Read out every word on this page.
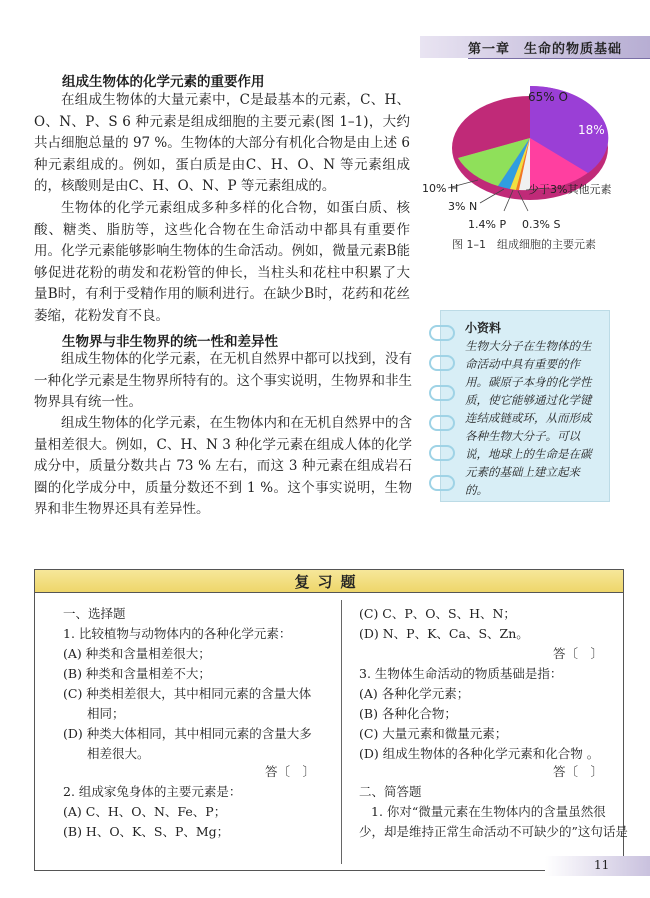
第一章　生命的物质基础
组成生物体的化学元素的重要作用
在组成生物体的大量元素中，C是最基本的元素，C、H、O、N、P、S 6 种元素是组成细胞的主要元素(图 1–1)，大约共占细胞总量的 97 %。生物体的大部分有机化合物是由上述 6 种元素组成的。例如，蛋白质是由C、H、O、N 等元素组成的，核酸则是由C、H、O、N、P 等元素组成的。
生物体的化学元素组成多种多样的化合物，如蛋白质、核酸、糖类、脂肪等，这些化合物在生命活动中都具有重要作用。 化学元素能够影响生物体的生命活动。例如，微量元素B能够促进花粉的萌发和花粉管的伸长，当柱头和花柱中积累了大量B时，有利于受精作用的顺利进行。在缺少B时，花药和花丝萎缩，花粉发育不良。
65% O
18% C
10% H
3% N
1.4% P 0.3% S
少于3%其他元素
图 1–1　组成细胞的主要元素
小资料
生物大分子在生物体的生命活动中具有重要的作用。碳原子本身的化学性质，使它能够通过化学键连结成链或环，从而形成各种生物大分子。可以说，地球上的生命是在碳元素的基础上建立起来的。
生物界与非生物界的统一性和差异性
组成生物体的化学元素，在无机自然界中都可以找到，没有一种化学元素是生物界所特有的。这个事实说明，生物界和非生物界具有统一性。
组成生物体的化学元素，在生物体内和在无机自然界中的含量相差很大。例如，C、H、N 3 种化学元素在组成人体的化学成分中，质量分数共占 73 % 左右，而这 3 种元素在组成岩石圈的化学成分中，质量分数还不到 1 %。这个事实说明，生物界和非生物界还具有差异性。
复习题
一、选择题
1. 比较植物与动物体内的各种化学元素：
(A) 种类和含量相差很大；
(B) 种类和含量相差不大；
(C) 种类相差很大，其中相同元素的含量大体
相同；
(D) 种类大体相同，其中相同元素的含量大多
相差很大。
答〔　〕
2. 组成家兔身体的主要元素是：
(A) C、H、O、N、Fe、P；
(B) H、O、K、S、P、Mg；
(C) C、P、O、S、H、N；
(D) N、P、K、Ca、S、Zn。
答〔　〕
3. 生物体生命活动的物质基础是指：
(A) 各种化学元素；
(B) 各种化合物；
(C) 大量元素和微量元素；
(D) 组成生物体的各种化学元素和化合物 。
答〔　〕
二、简答题
1. 你对“微量元素在生物体内的含量虽然很
少，却是维持正常生命活动不可缺少的”这句话是
11
